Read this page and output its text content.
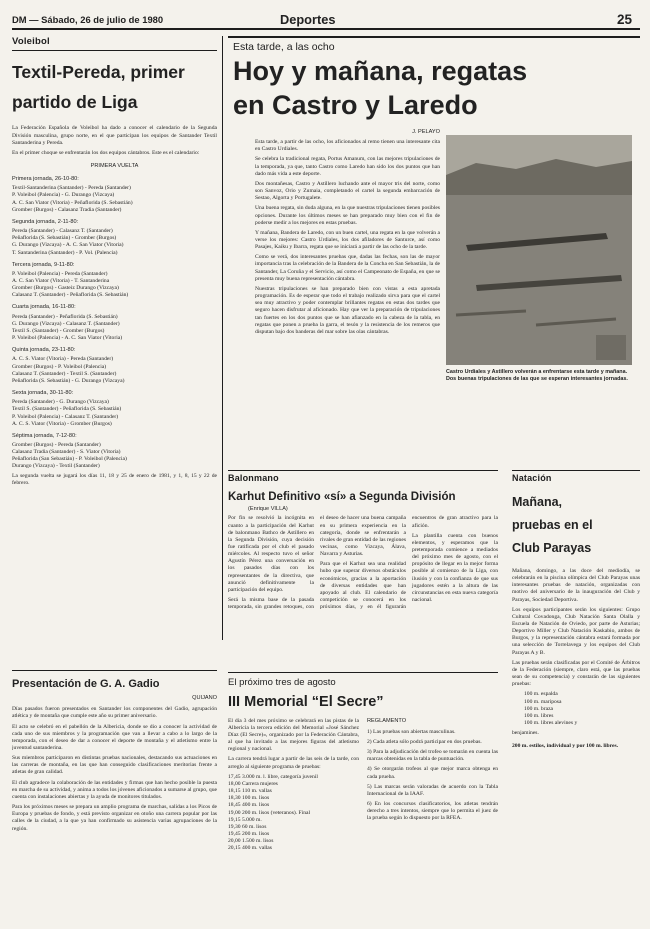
DM — Sábado, 26 de julio de 1980	Deportes	25
Voleibol
Textil-Pereda, primer partido de Liga
La Federación Española de Voleibol ha dado a conocer el calendario de la Segunda División masculina, grupo norte, en el que participan los equipos de Santander Textil Santanderina y Pereda.
En el primer choque se enfrentarán los dos equipos cántabros. Este es el calendario:
PRIMERA VUELTA
Primera jornada, 26-10-80:
Textil-Santanderina (Santander) - Pereda (Santander)
P. Voleibol (Palencia) - G. Durango (Vizcaya)
A. C. San Viator (Vitoria) - Peñaflorida (S. Sebastián)
Gromber (Burgos) - Calasanz Tradia (Santander)
Segunda jornada, 2-11-80:
Pereda (Santander) - Calasanz T. (Santander)
Peñaflorida (S. Sebastián) - Gromber (Burgos)
G. Durango (Vizcaya) - A. C. San Viator (Vitoria)
T. Santanderina (Santander) - P. Vol. (Palencia)
Tercera jornada, 9-11-80:
P. Voleibol (Palencia) - Pereda (Santander)
A. C. San Viator (Vitoria) - T. Santanderina
Gromber (Burgos) - Gasteiz Durango (Vizcaya)
Calasanz T. (Santander) - Peñaflorida (S. Sebastián)
Cuarta jornada, 16-11-80:
Pereda (Santander) - Peñaflorida (S. Sebastián)
G. Durango (Vizcaya) - Calasanz T. (Santander)
Textil S. (Santander) - Gromber (Burgos)
P. Voleibol (Palencia) - A. C. San Viator (Vitoria)
Quinta jornada, 23-11-80:
A. C. S. Viator (Vitoria) - Pereda (Santander)
Gromber (Burgos) - P. Voleibol (Palencia)
Calasanz T. (Santander) - Textil S. (Santander)
Peñaflorida (S. Sebastián) - G. Durango (Vizcaya)
Sexta jornada, 30-11-80:
Pereda (Santander) - G. Durango (Vizcaya)
Textil S. (Santander) - Peñaflorida (S. Sebastián)
P. Voleibol (Palencia) - Calasanz T. (Santander)
A. C. S. Viator (Vitoria) - Gromber (Burgos)
Séptima jornada, 7-12-80:
Gromber (Burgos) - Pereda (Santander)
Calasanz Tradia (Santander) - S. Viator (Vitoria)
Peñaflorida (San Sebastián) - P. Voleibol (Palencia)
Durango (Vizcaya) - Textil (Santander)
La segunda vuelta se jugará los días 11, 18 y 25 de enero de 1981, y 1, 8, 15 y 22 de febrero.
Esta tarde, a las ocho
Hoy y mañana, regatas
en Castro y Laredo
J. PELAYO
Esta tarde, a partir de las ocho, los aficionados al remo tienen una interesante cita en Castro Urdiales.
Se celebra la tradicional regata, Portus Amanum, con las mejores tripulaciones de la temporada, ya que, tanto Castro como Laredo han sido los dos puntos que han dado más vida a este deporte.
Dos montañesas, Castro y Astillero luchando ante el mayor tris del norte, como son Sanvoz, Orio y Zumaia, completando el cartel la segunda embarcación de Sestao, Algorta y Portugalete.
Una buena regata, sin duda alguna, en la que nuestras tripulaciones tienen posibles opciones. Durante los últimos meses se han preparado muy bien con el fin de poderse medir a los mejores en estas pruebas.
Y mañana, Bandera de Laredo, con un buen cartel, una regata en la que volverán a verse los mejores: Castro Urdiales, los dos afiladores de Santurce, así como Pasajes, Kaiku y Ibarra, regata que se iniciará a partir de las ocho de la tarde.
Como se verá, dos interesantes pruebas que, dadas las fechas, son las de mayor importancia tras la celebración de la Bandera de la Concha en San Sebastián, la de Santander, La Coruña y el Servicio, así como el Campeonato de España, en que se presenta muy buena representación cántabra.
Nuestras tripulaciones se han preparado bien con vistas a esta apretada programación. Es de esperar que todo el trabajo realizado sirva para que el cartel sea muy atractivo y poder contemplar brillantes regatas en estas dos tardes que seguro hacen disfrutar al aficionado. Hay que ver la preparación de tripulaciones tan fuertes en los dos puntos que se han afianzado en la cabeza de la tabla, en regatas que ponen a prueba la garra, el tesón y la resistencia de los remeros que disputan bajo dos banderas del mar sobre las olas cántabras.
Castro Urdiales y Astillero volverán a enfrentarse esta tarde y mañana. Dos buenas tripulaciones de las que se esperan interesantes jornadas.
Balonmano
Karhut Definitivo «sí» a Segunda División
(Enrique VILLA)
Por fin se resolvió la incógnita en cuanto a la participación del Karhut de balonmano Bathco de Astillero en la Segunda División, cuya decisión fue ratificada por el club el pasado miércoles. Al respecto tuvo el señor Agustín Pérez una conversación en los pasados días con los representantes de la directiva, que anunció definitivamente la participación del equipo.
Será la misma base de la pasada temporada, sin grandes retoques, con el deseo de hacer una buena campaña en su primera experiencia en la categoría, donde se enfrentarán a rivales de gran entidad de las regiones vecinas, como Vizcaya, Álava, Navarra y Asturias.
Para que el Karhut sea una realidad hubo que superar diversos obstáculos económicos, gracias a la aportación de diversas entidades que han apoyado al club. El calendario de competición se conocerá en los próximos días, y en él figurarán encuentros de gran atractivo para la afición.
La plantilla cuenta con buenos elementos, y esperamos que la pretemporada comience a mediados del próximo mes de agosto, con el propósito de llegar en la mejor forma posible al comienzo de la Liga, con ilusión y con la confianza de que sus jugadores estén a la altura de las circunstancias en esta nueva categoría nacional.
Natación
Mañana,
pruebas en el
Club Parayas
Mañana, domingo, a las doce del mediodía, se celebrarán en la piscina olímpica del Club Parayas unas interesantes pruebas de natación, organizadas con motivo del aniversario de la inauguración del Club y Parayas, Sociedad Deportiva.
Los equipos participantes serán los siguientes: Grupo Cultural Covadonga, Club Natación Santa Olalla y Escuela de Natación de Oviedo, por parte de Asturias; Deportivo Miller y Club Natación Kaskabio, ambos de Burgos, y la representación cántabra estará formada por una selección de Torrelavega y los equipos del Club Parayas A y B.
Las pruebas serán clasificadas por el Comité de Árbitros de la Federación (siempre, claro está, que las pruebas sean de su competencia) y constarán de las siguientes pruebas:
100 m. espalda
100 m. mariposa
100 m. braza
100 m. libres
100 m. libres alevines y
benjamines.
200 m. estilos, individual y por 100 m. libres.
El próximo tres de agosto
III Memorial “El Secre”
El día 3 del mes próximo se celebrará en las pistas de la Albericia la tercera edición del Memorial «José Sánchez Díaz (El Secre)», organizado por la Federación Cántabra, al que ha invitado a las mejores figuras del atletismo regional y nacional.
La carrera tendrá lugar a partir de las seis de la tarde, con arreglo al siguiente programa de pruebas:
17,45 3.000 m. l. libre, categoría juvenil
18,00 Carrera mujeres
18,15 110 m. vallas
18,30 100 m. lisos
18,45 400 m. lisos
19,00 200 m. lisos (veteranos). Final
19,15 5.000 m.
19,30 60 m. lisos
19,45 200 m. lisos
20,00 1.500 m. lisos
20,15 400 m. vallas
REGLAMENTO
1) Las pruebas son abiertas masculinas.
2) Cada atleta sólo podrá participar en dos pruebas.
3) Para la adjudicación del trofeo se tomarán en cuenta las marcas obtenidas en la tabla de puntuación.
4) Se otorgarán trofeos al que mejor marca obtenga en cada prueba.
5) Las marcas serán valoradas de acuerdo con la Tabla Internacional de la IAAF.
6) En los concursos clasificatorios, los atletas tendrán derecho a tres intentos, siempre que lo permita el juez de la prueba según lo dispuesto por la RFEA.
Presentación de G. A. Gadio
QUIJANO
Días pasados fueron presentados en Santander los componentes del Gadio, agrupación atlética y de montaña que cumple este año su primer aniversario.
El acto se celebró en el pabellón de la Albericia, donde se dio a conocer la actividad de cada uno de sus miembros y la programación que van a llevar a cabo a lo largo de la temporada, con el deseo de dar a conocer el deporte de montaña y el atletismo entre la juventud santanderina.
Sus miembros participaron en distintas pruebas nacionales, destacando sus actuaciones en las carreras de montaña, en las que han conseguido clasificaciones meritorias frente a atletas de gran calidad.
El club agradece la colaboración de las entidades y firmas que han hecho posible la puesta en marcha de su actividad, y anima a todos los jóvenes aficionados a sumarse al grupo, que cuenta con instalaciones abiertas y la ayuda de monitores titulados.
Para los próximos meses se prepara un amplio programa de marchas, salidas a los Picos de Europa y pruebas de fondo, y está previsto organizar en otoño una carrera popular por las calles de la ciudad, a la que ya han confirmado su asistencia varias agrupaciones de la región.
